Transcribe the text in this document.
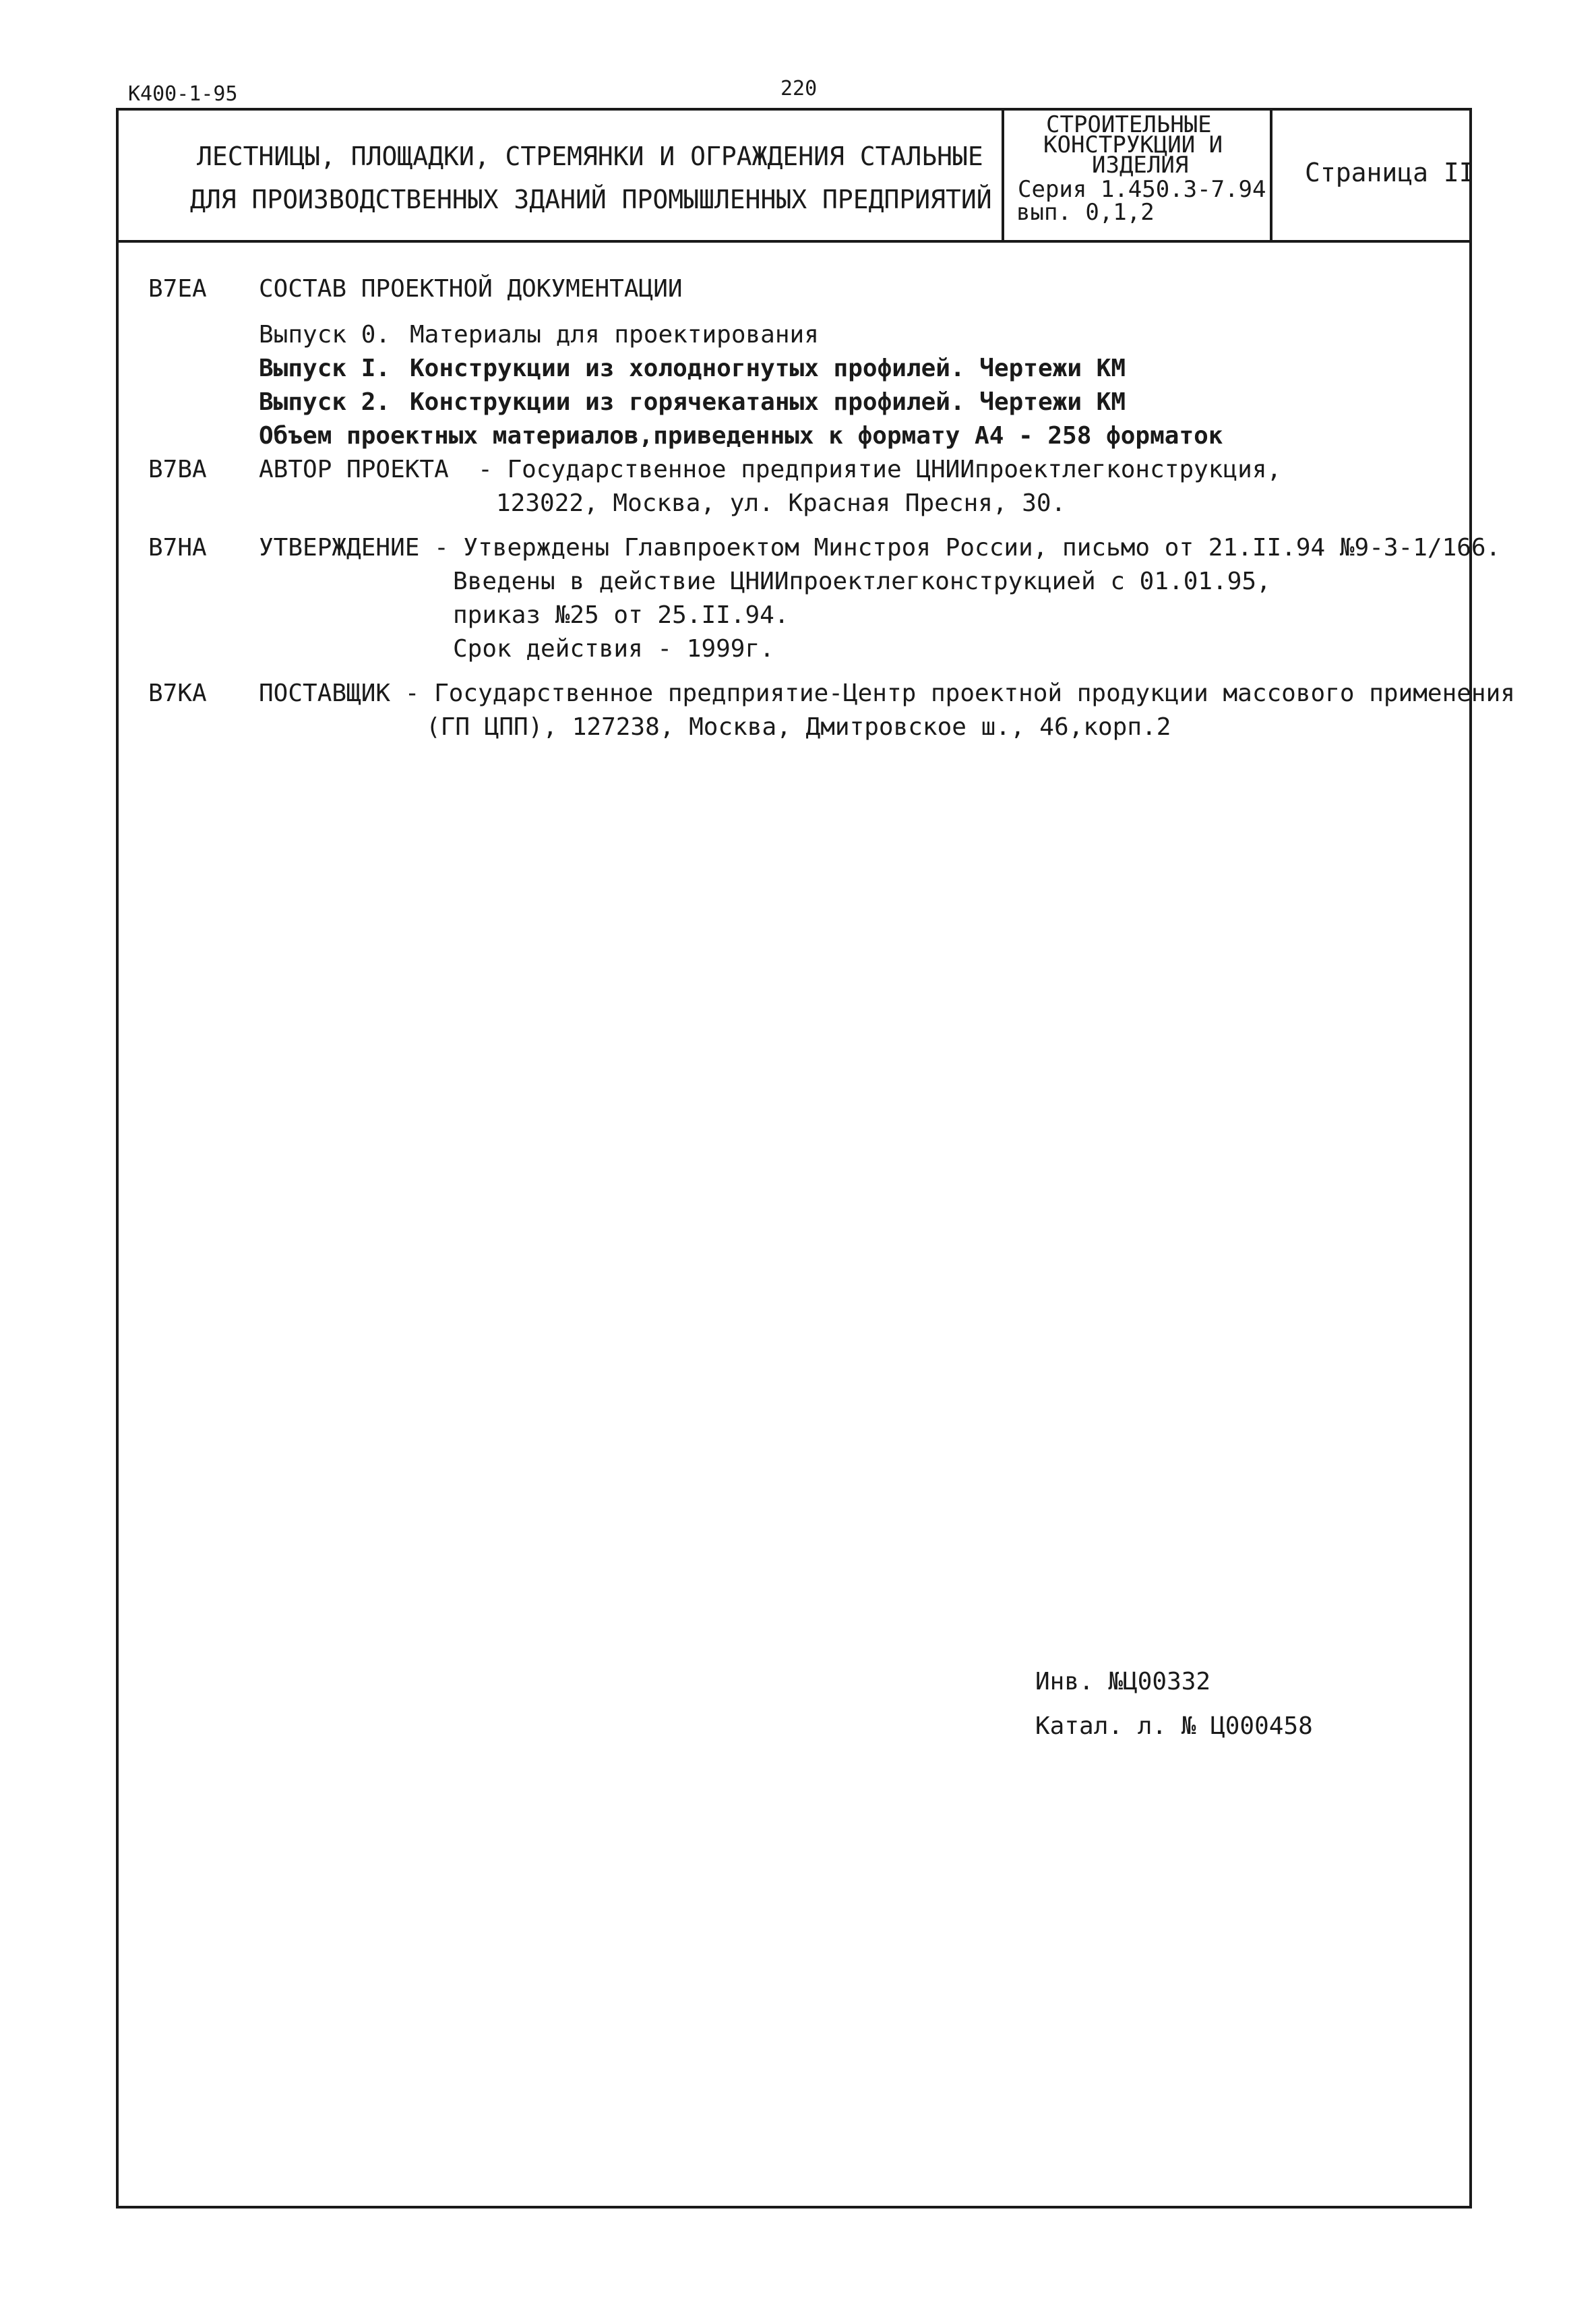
К400-1-95	220
ЛЕСТНИЦЫ, ПЛОЩАДКИ, СТРЕМЯНКИ И ОГРАЖДЕНИЯ СТАЛЬНЫЕ
ДЛЯ ПРОИЗВОДСТВЕННЫХ ЗДАНИЙ ПРОМЫШЛЕННЫХ ПРЕДПРИЯТИЙ
СТРОИТЕЛЬНЫЕ
КОНСТРУКЦИИ И
ИЗДЕЛИЯ
Серия 1.450.3-7.94
вып. 0,1,2
Страница II
В7ЕА СОСТАВ ПРОЕКТНОЙ ДОКУМЕНТАЦИИ
Выпуск 0. Материалы для проектирования
Выпуск I. Конструкции из холодногнутых профилей. Чертежи КМ
Выпуск 2. Конструкции из горячекатаных профилей. Чертежи КМ
Объем проектных материалов,приведенных к формату А4 - 258 форматок
В7ВА АВТОР ПРОЕКТА  - Государственное предприятие ЦНИИпроектлегконструкция,
123022, Москва, ул. Красная Пресня, 30.
В7НА УТВЕРЖДЕНИЕ - Утверждены Главпроектом Минстроя России, письмо от 21.II.94 №9-3-1/166.
Введены в действие ЦНИИпроектлегконструкцией с 01.01.95,
приказ №25 от 25.II.94.
Срок действия - 1999г.
В7КА ПОСТАВЩИК - Государственное предприятие-Центр проектной продукции массового применения
(ГП ЦПП), 127238, Москва, Дмитровское ш., 46,корп.2
Инв. №Ц00332
Катал. л. № Ц000458
